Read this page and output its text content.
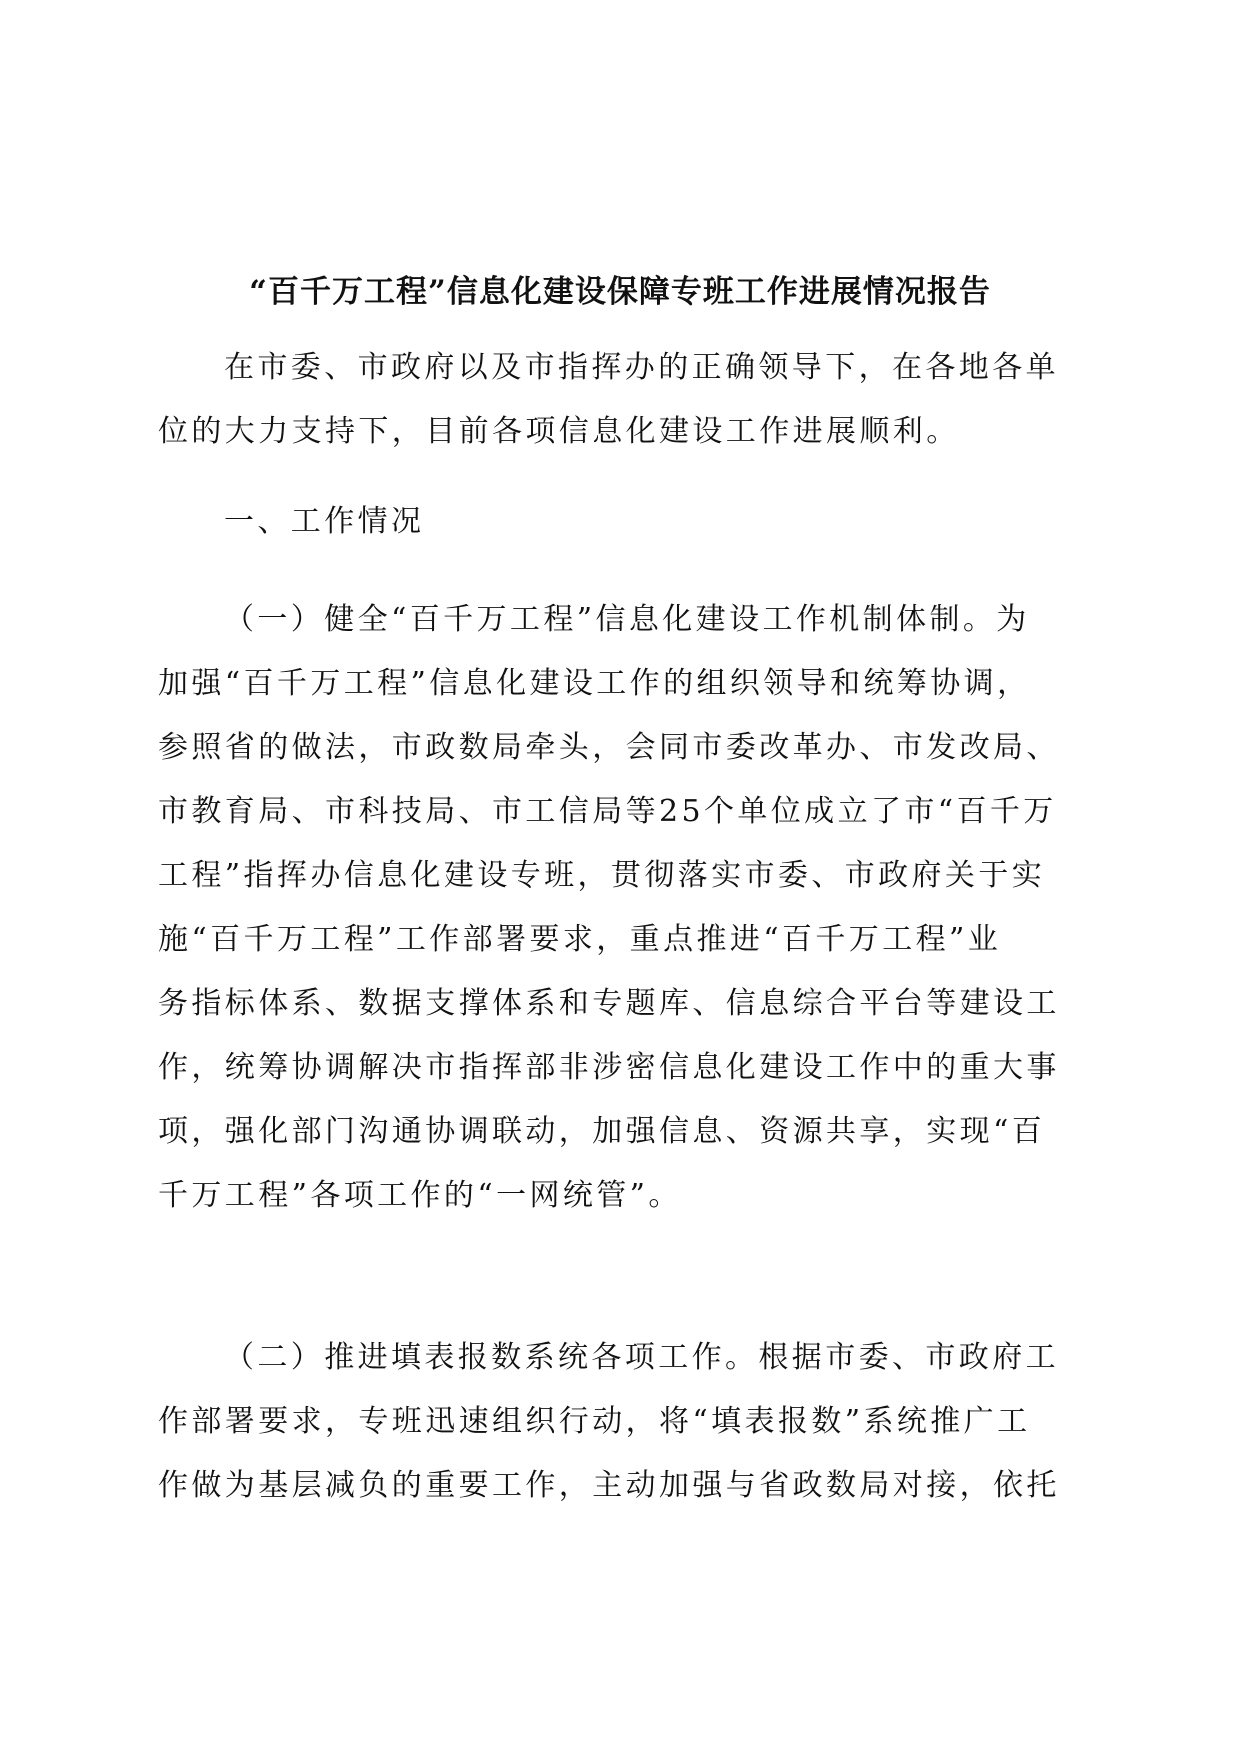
“百千万工程”信息化建设保障专班工作进展情况报告
在市委、市政府以及市指挥办的正确领导下，在各地各单
位的大力支持下，目前各项信息化建设工作进展顺利。
一、工作情况
（一）健全“百千万工程”信息化建设工作机制体制。为
加强“百千万工程”信息化建设工作的组织领导和统筹协调，
参照省的做法，市政数局牵头，会同市委改革办、市发改局、
市教育局、市科技局、市工信局等25个单位成立了市“百千万
工程”指挥办信息化建设专班，贯彻落实市委、市政府关于实
施“百千万工程”工作部署要求，重点推进“百千万工程”业
务指标体系、数据支撑体系和专题库、信息综合平台等建设工
作，统筹协调解决市指挥部非涉密信息化建设工作中的重大事
项，强化部门沟通协调联动，加强信息、资源共享，实现“百
千万工程”各项工作的“一网统管”。
（二）推进填表报数系统各项工作。根据市委、市政府工
作部署要求，专班迅速组织行动，将“填表报数”系统推广工
作做为基层减负的重要工作，主动加强与省政数局对接，依托
